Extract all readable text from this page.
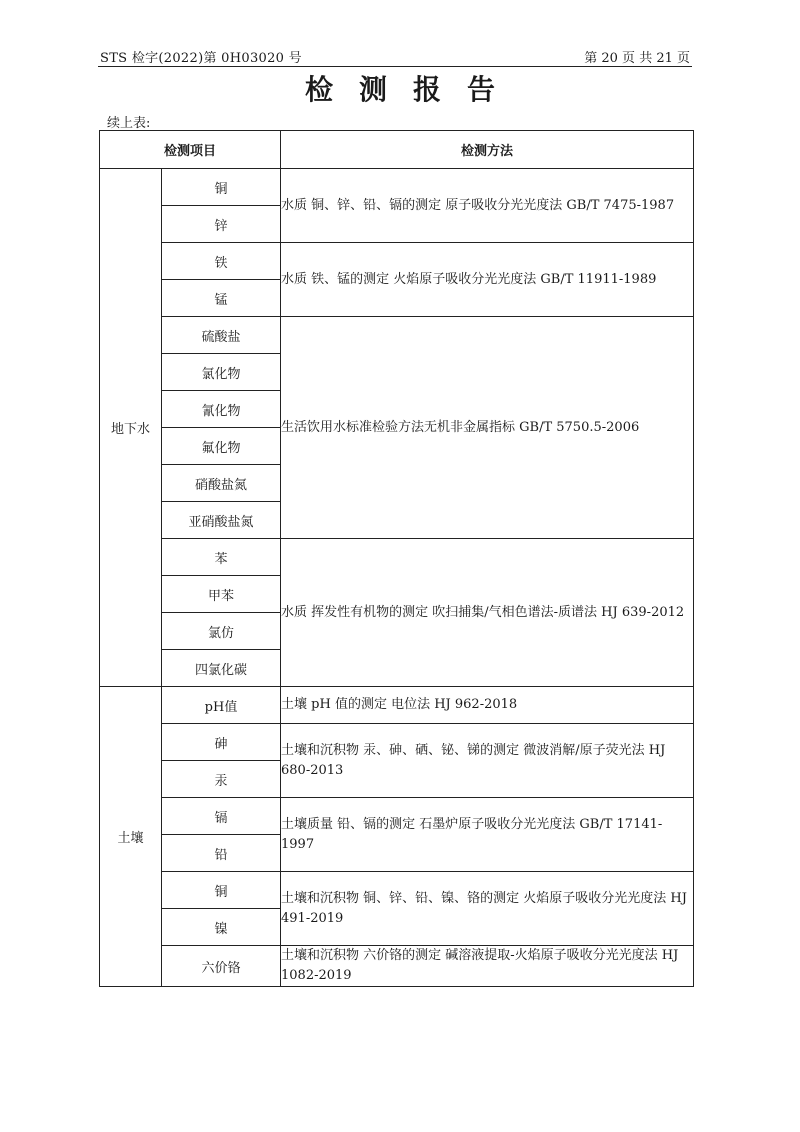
STS 检字(2022)第 0H03020 号	第 20 页 共 21 页
检测报告
续上表:
检测项目		检测方法
地下水	铜	水质 铜、锌、铅、镉的测定 原子吸收分光光度法 GB/T 7475-1987
	锌	
	铁	水质 铁、锰的测定 火焰原子吸收分光光度法 GB/T 11911-1989
	锰	
	硫酸盐	生活饮用水标准检验方法无机非金属指标 GB/T 5750.5-2006
	氯化物	
	氰化物	
	氟化物	
	硝酸盐氮	
	亚硝酸盐氮	
	苯	水质 挥发性有机物的测定 吹扫捕集/气相色谱法-质谱法 HJ 639-2012
	甲苯	
	氯仿	
	四氯化碳	
土壤	pH值	土壤 pH 值的测定 电位法 HJ 962-2018
	砷	土壤和沉积物 汞、砷、硒、铋、锑的测定 微波消解/原子荧光法 HJ 680-2013
	汞	
	镉	土壤质量 铅、镉的测定 石墨炉原子吸收分光光度法 GB/T 17141-1997
	铅	
	铜	土壤和沉积物 铜、锌、铅、镍、铬的测定 火焰原子吸收分光光度法 HJ 491-2019
	镍	
	六价铬	土壤和沉积物 六价铬的测定 碱溶液提取-火焰原子吸收分光光度法 HJ 1082-2019
